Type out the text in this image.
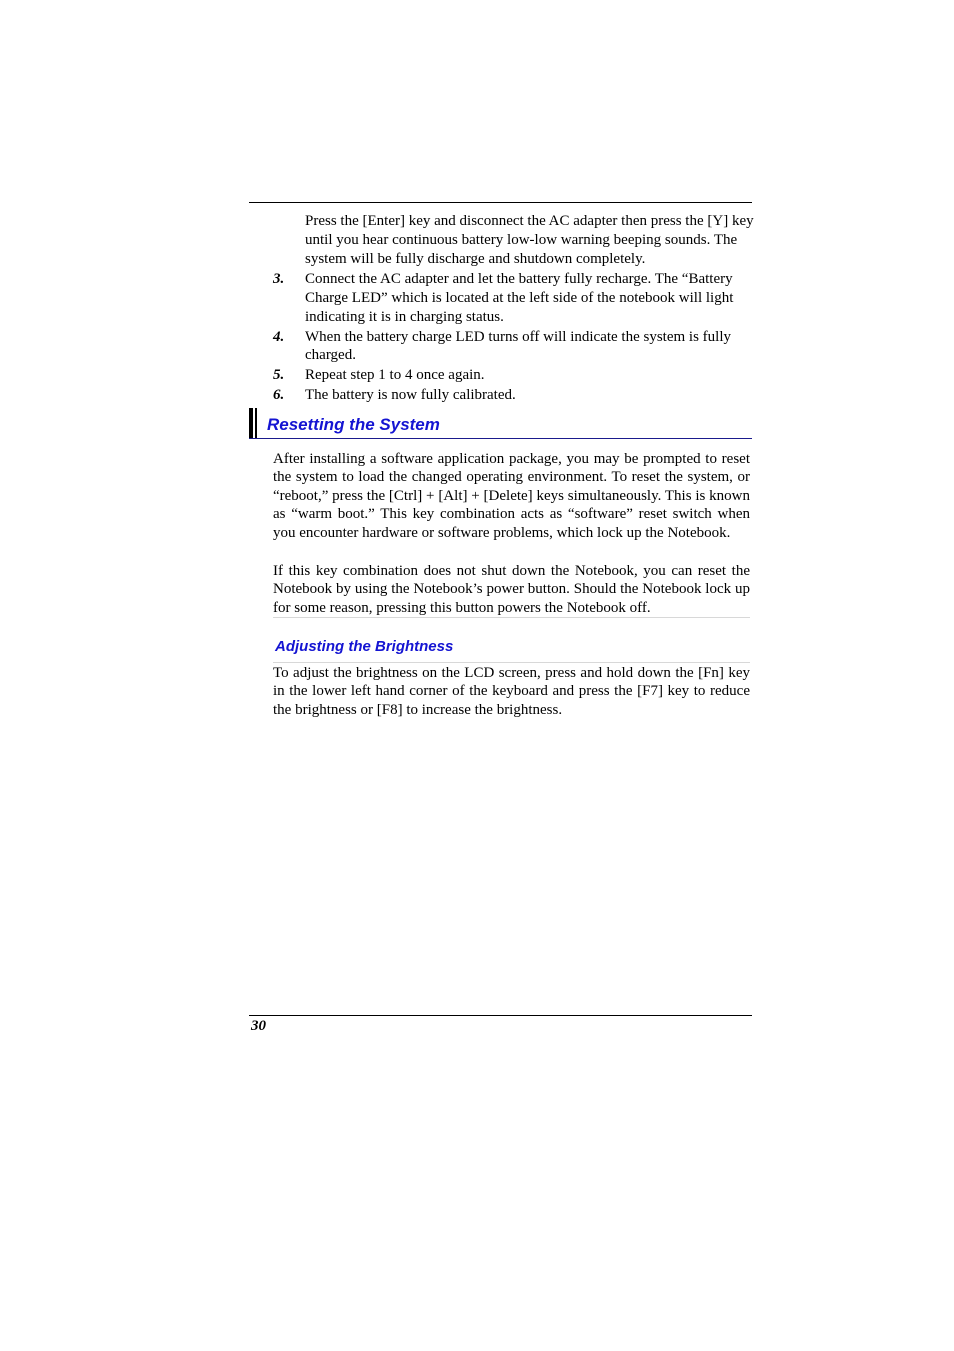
Press the [Enter] key and disconnect the AC adapter then press the [Y] key until you hear continuous battery low-low warning beeping sounds. The system will be fully discharge and shutdown completely.
3. Connect the AC adapter and let the battery fully recharge. The “Battery Charge LED” which is located at the left side of the notebook will light indicating it is in charging status.
4. When the battery charge LED turns off will indicate the system is fully charged.
5. Repeat step 1 to 4 once again.
6. The battery is now fully calibrated.
Resetting the System

After installing a software application package, you may be prompted to reset the system to load the changed operating environment. To reset the system, or “reboot,” press the [Ctrl] + [Alt] + [Delete] keys simultaneously. This is known as “warm boot.” This key combination acts as “software” reset switch when you encounter hardware or software problems, which lock up the Notebook.

If this key combination does not shut down the Notebook, you can reset the Notebook by using the Notebook’s power button. Should the Notebook lock up for some reason, pressing this button powers the Notebook off.

Adjusting the Brightness

To adjust the brightness on the LCD screen, press and hold down the [Fn] key in the lower left hand corner of the keyboard and press the [F7] key to reduce the brightness or [F8] to increase the brightness.

30
